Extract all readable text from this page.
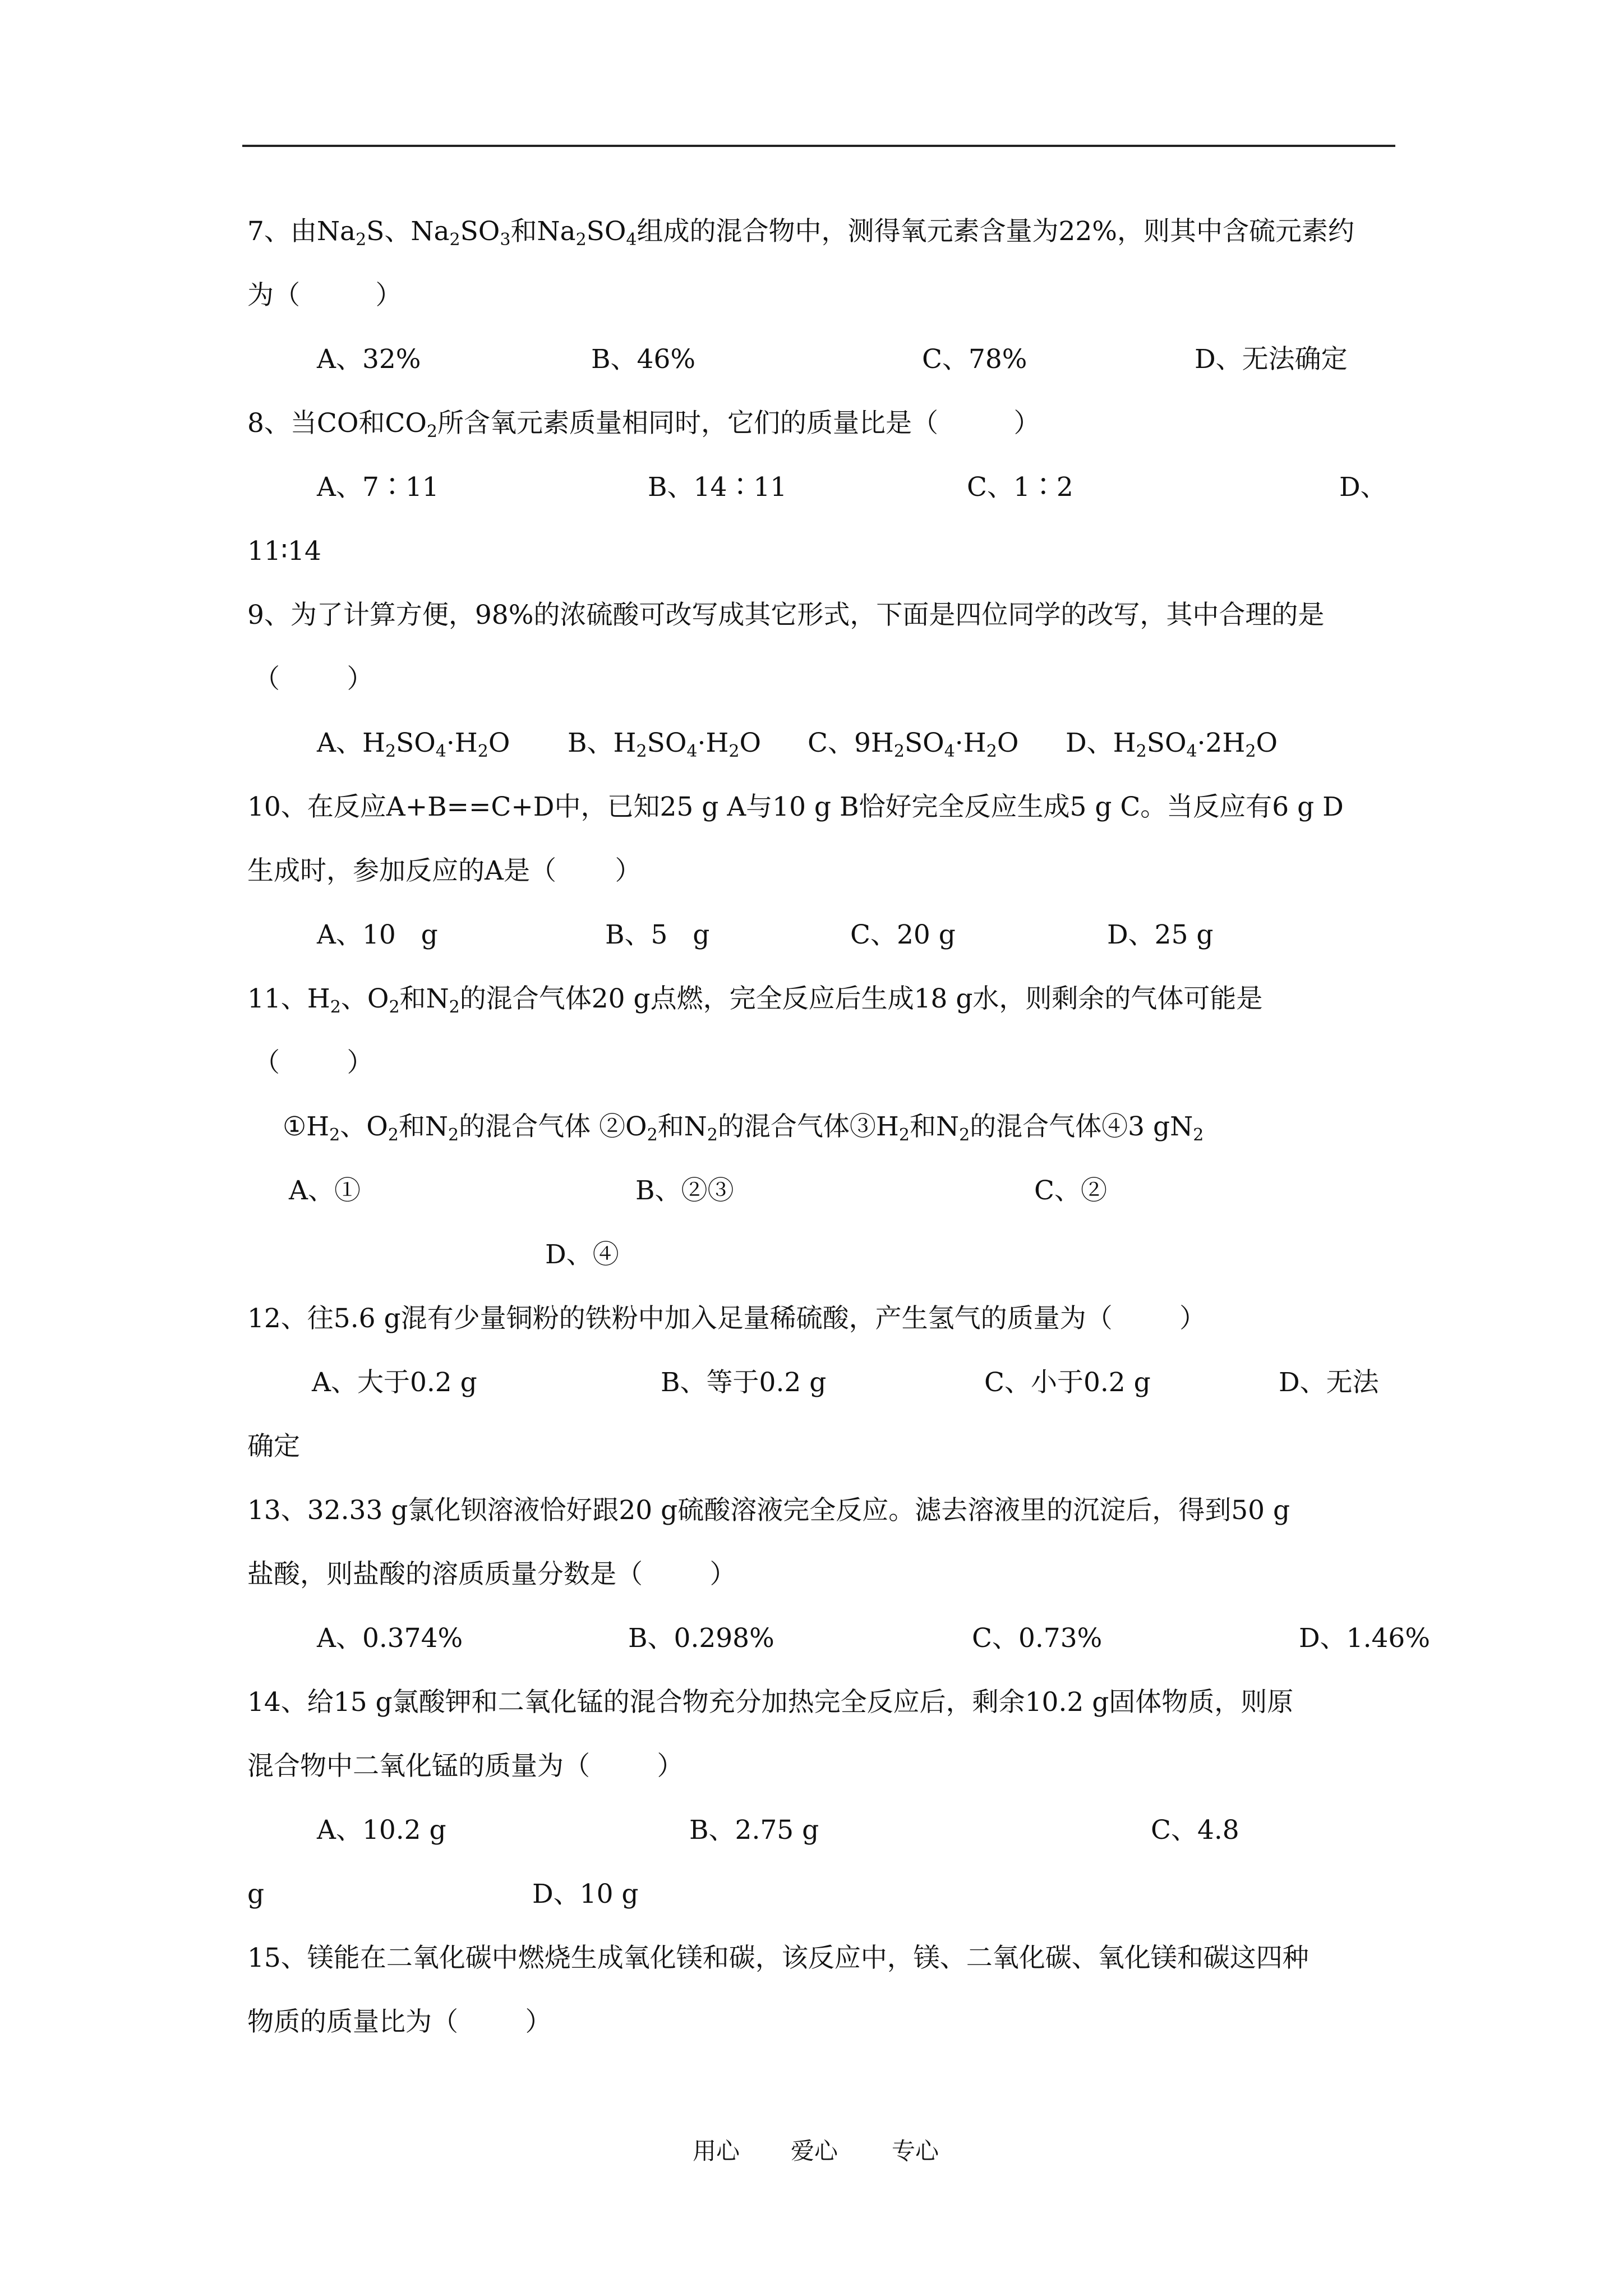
7、由$Na_2S$、$Na_2SO_3$和$Na_2SO_4$组成的混合物中，测得氧元素含量为22%，则其中含硫元素约
为（         ）
A、32%	B、46%	C、78%	D、无法确定
8、当CO和$CO_2$所含氧元素质量相同时，它们的质量比是（         ）
A、7∶11	B、14∶11	C、1∶2	D、
11∶14
9、为了计算方便，98%的浓硫酸可改写成其它形式，下面是四位同学的改写，其中合理的是
（        ）
A、$H_2SO_4\cdot H_2O$ B、$H_2SO_4\cdot H_2O$ C、$9H_2SO_4\cdot H_2O$ D、$H_2SO_4\cdot 2H_2O$
10、在反应A+B==C+D中，已知25 g A与10 g B恰好完全反应生成5 g C。当反应有6 g D
生成时，参加反应的A是（       ）
A、10   g	B、5   g	C、20 g	D、25 g
11、$H_2$、$O_2$和$N_2$的混合气体20 g点燃，完全反应后生成18 g水，则剩余的气体可能是
（        ）
$①H_2$、$O_2$和$N_2$的混合气体 $②O_2$和$N_2$的混合气体$③H_2$和$N_2$的混合气体④3 $gN_2$
A、①	B、②③	C、②
D、④
12、往5.6 g混有少量铜粉的铁粉中加入足量稀硫酸，产生氢气的质量为（        ）
A、大于0.2 g	B、等于0.2 g	C、小于0.2 g	D、无法
确定
13、32.33 g氯化钡溶液恰好跟20 g硫酸溶液完全反应。滤去溶液里的沉淀后，得到50 g
盐酸，则盐酸的溶质质量分数是（        ）
A、0.374%	B、0.298%	C、0.73%	D、1.46%
14、给15 g氯酸钾和二氧化锰的混合物充分加热完全反应后，剩余10.2 g固体物质，则原
混合物中二氧化锰的质量为（        ）
A、10.2 g	B、2.75 g	C、4.8
g	D、10 g
15、镁能在二氧化碳中燃烧生成氧化镁和碳，该反应中，镁、二氧化碳、氧化镁和碳这四种
物质的质量比为（        ）
用心 爱心 专心
